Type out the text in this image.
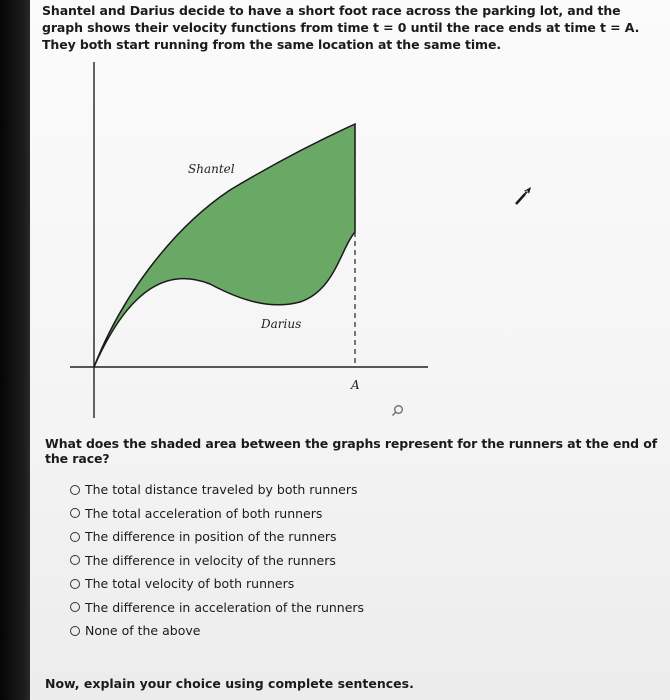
Shantel and Darius decide to have a short foot race across the parking lot, and the graph shows their velocity functions from time t = 0 until the race ends at time t = A. They both start running from the same location at the same time.
Shantel
Darius
A
What does the shaded area between the graphs represent for the runners at the end of the race?
The total distance traveled by both runners
The total acceleration of both runners
The difference in position of the runners
The difference in velocity of the runners
The total velocity of both runners
The difference in acceleration of the runners
None of the above
Now, explain your choice using complete sentences.
